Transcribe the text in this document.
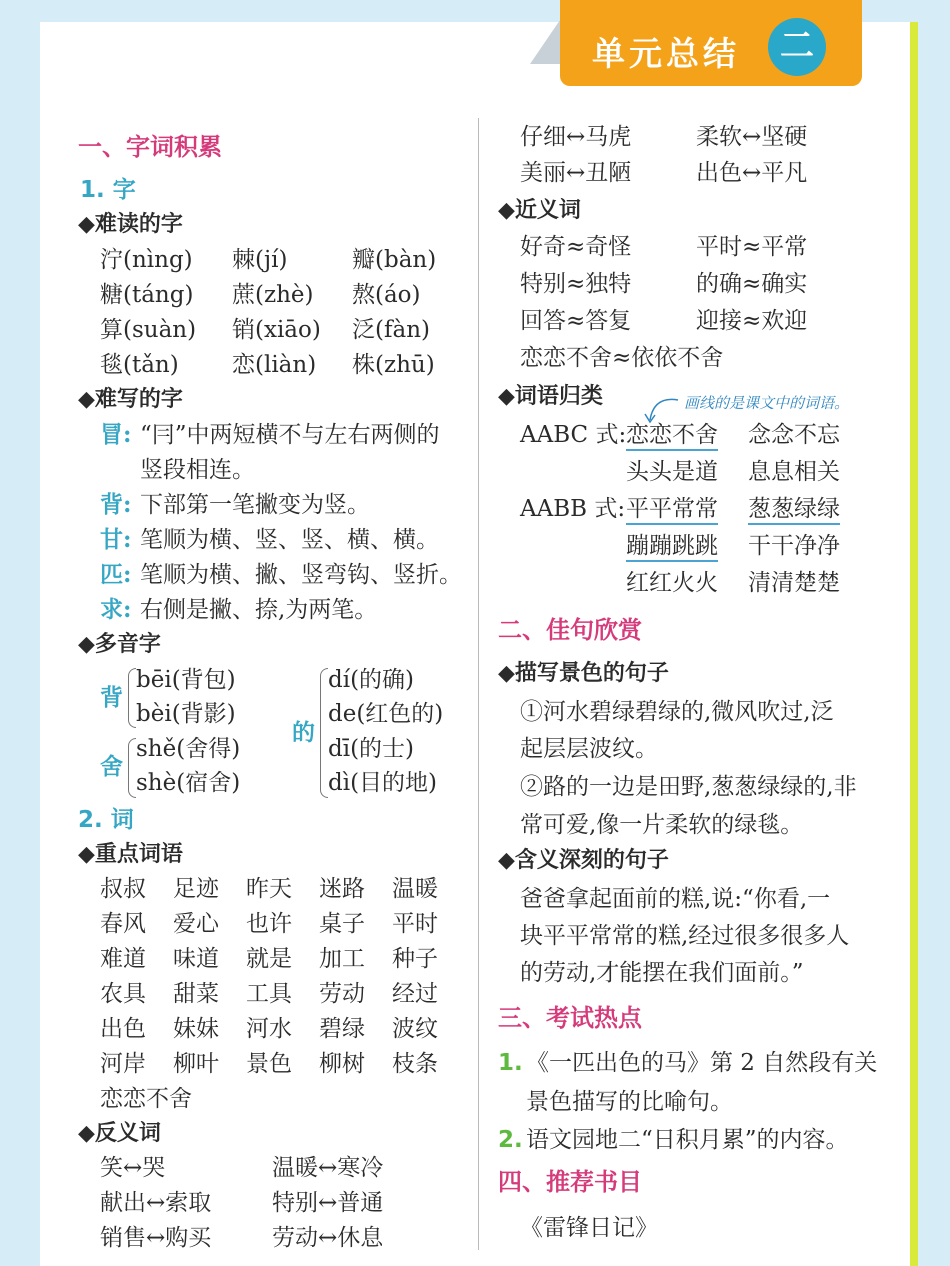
单元总结	二
一、字词积累
1. 字
◆难读的字
泞(nìng) 棘(jí)	瓣(bàn)
糖(táng) 蔗(zhè) 熬(áo)
算(suàn) 销(xiāo) 泛(fàn)
毯(tǎn) 恋(liàn) 株(zhū)
◆难写的字
冒: “冃”中两短横不与左右两侧的
竖段相连。
背: 下部第一笔撇变为竖。
甘: 笔顺为横、竖、竖、横、横。
匹: 笔顺为横、撇、竖弯钩、竖折。
求: 右侧是撇、捺,为两笔。
◆多音字
背
bēi(背包)
bèi(背影)
舍
shě(舍得)
shè(宿舍)
的
dí(的确)
de(红色的)
dī(的士)
dì(目的地)
2. 词
◆重点词语
叔叔 足迹 昨天 迷路 温暖
春风 爱心 也许 桌子 平时
难道 味道 就是 加工 种子
农具 甜菜 工具 劳动 经过
出色 妹妹 河水 碧绿 波纹
河岸 柳叶 景色 柳树 枝条
恋恋不舍
◆反义词
笑↔哭	温暖↔寒冷
献出↔索取	特别↔普通
销售↔购买	劳动↔休息
仔细↔马虎	柔软↔坚硬
美丽↔丑陋	出色↔平凡
◆近义词
好奇≈奇怪	平时≈平常
特别≈独特	的确≈确实
回答≈答复	迎接≈欢迎
恋恋不舍≈依依不舍
◆词语归类	画线的是课文中的词语。
AABC 式: 恋恋不舍 念念不忘
头头是道 息息相关
AABB 式: 平平常常 葱葱绿绿
蹦蹦跳跳 干干净净
红红火火 清清楚楚
二、佳句欣赏
◆描写景色的句子
①河水碧绿碧绿的,微风吹过,泛
起层层波纹。
②路的一边是田野,葱葱绿绿的,非
常可爱,像一片柔软的绿毯。
◆含义深刻的句子
爸爸拿起面前的糕,说:“你看,一
块平平常常的糕,经过很多很多人
的劳动,才能摆在我们面前。”
三、考试热点
1. 《一匹出色的马》第 2 自然段有关
景色描写的比喻句。
2. 语文园地二“日积月累”的内容。
四、推荐书目
《雷锋日记》
